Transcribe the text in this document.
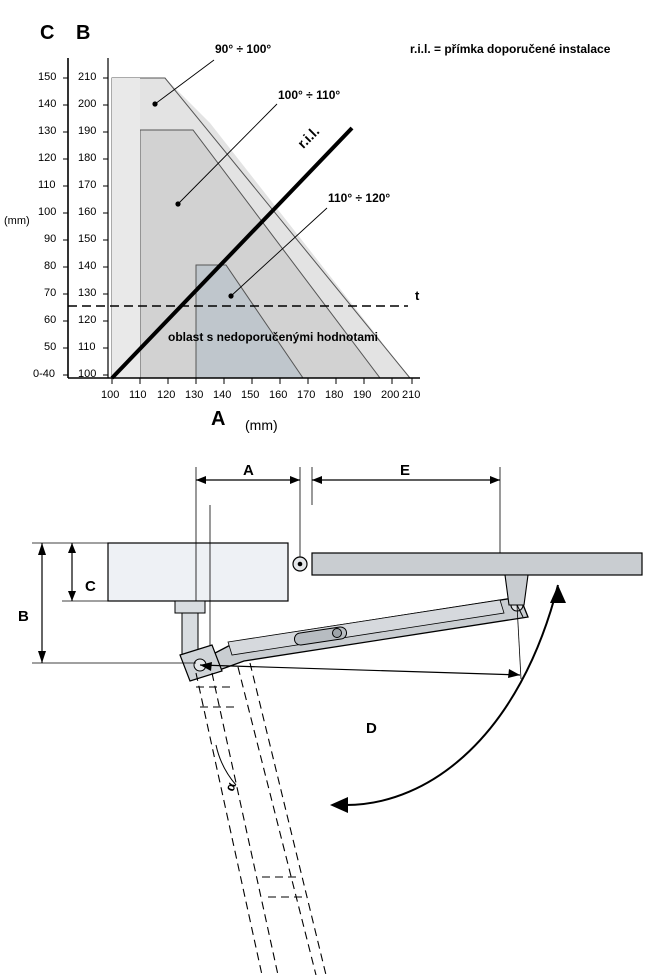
C B
(mm)
150
140
130
120
110
100
90
80
70
60
50
0-40
210
200
190
180
170
160
150
140
130
120
110
100
100 110 120 130 140 150 160 170 180 190 200 210
A (mm)
90° ÷ 100°
100° ÷ 110°
110° ÷ 120°
r.i.l.
t
r.i.l. = přímka doporučené instalace
oblast s nedoporučenými hodnotami
A	E
C
B
D
α
